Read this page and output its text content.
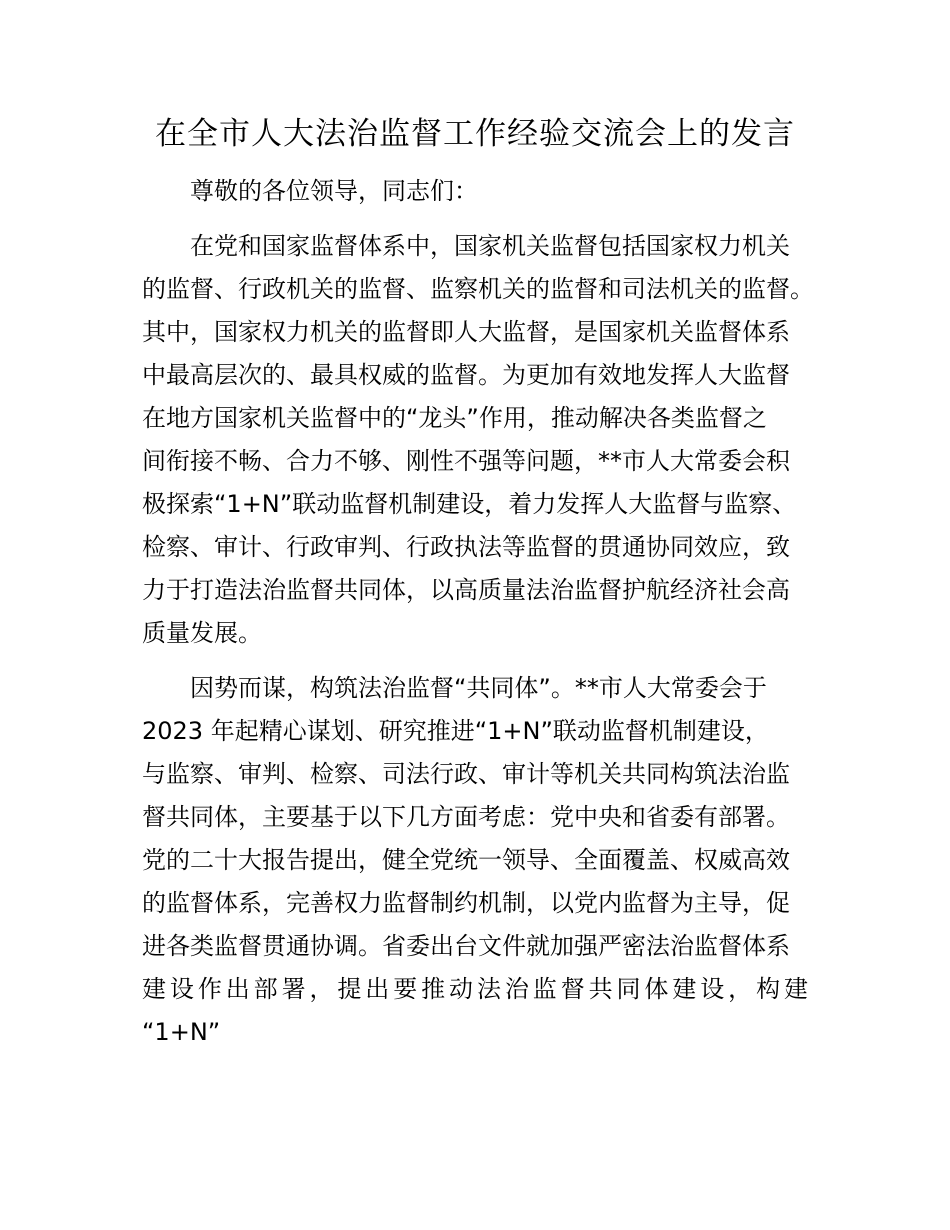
在全市人大法治监督工作经验交流会上的发言
尊敬的各位领导，同志们：
在党和国家监督体系中，国家机关监督包括国家权力机关
的监督、行政机关的监督、监察机关的监督和司法机关的监督。
其中，国家权力机关的监督即人大监督，是国家机关监督体系
中最高层次的、最具权威的监督。为更加有效地发挥人大监督
在地方国家机关监督中的“龙头”作用，推动解决各类监督之
间衔接不畅、合力不够、刚性不强等问题，**市人大常委会积
极探索“1+N”联动监督机制建设，着力发挥人大监督与监察、
检察、审计、行政审判、行政执法等监督的贯通协同效应，致
力于打造法治监督共同体，以高质量法治监督护航经济社会高
质量发展。
因势而谋，构筑法治监督“共同体”。**市人大常委会于
2023 年起精心谋划、研究推进“1+N”联动监督机制建设，
与监察、审判、检察、司法行政、审计等机关共同构筑法治监
督共同体，主要基于以下几方面考虑：党中央和省委有部署。
党的二十大报告提出，健全党统一领导、全面覆盖、权威高效
的监督体系，完善权力监督制约机制，以党内监督为主导，促
进各类监督贯通协调。省委出台文件就加强严密法治监督体系
建设作出部署，提出要推动法治监督共同体建设，构建
“1+N”
